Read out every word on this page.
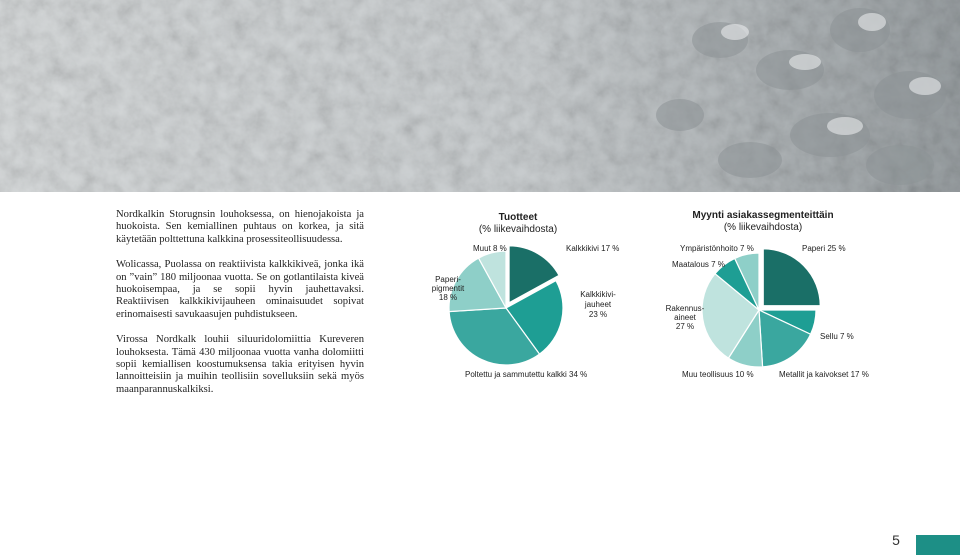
Nordkalkin Storugnsin louhoksessa, on hienojakoista ja huokoista. Sen kemiallinen puhtaus on korkea, ja sitä käytetään polttettuna kalkkina prosessiteollisuudessa.

Wolicassa, Puolassa on reaktiivista kalkkikiveä, jonka ikä on ”vain” 180 miljoonaa vuotta. Se on gotlantilaista kiveä huokoisempaa, ja se sopii hyvin jauhettavaksi. Reaktiivisen kalkkikivijauheen ominaisuudet sopivat erinomaisesti savukaasujen puhdistukseen.

Virossa Nordkalk louhii siluuridolomiittia Kureveren louhoksesta. Tämä 430 miljoonaa vuotta vanha dolomiitti sopii kemiallisen koostumuksensa takia erityisen hyvin lannoitteisiin ja muihin teollisiin sovelluksiin sekä myös maanparannuskalkiksi.

Tuotteet
(% liikevaihdosta)
Kalkkikivi 17 %
Kalkkikivi-
jauheet
23 %
Poltettu ja sammutettu kalkki 34 %
Paperi-
pigmentit
18 %
Muut 8 %
Myynti asiakassegmenteittäin
(% liikevaihdosta)
Paperi 25 %
Sellu 7 %
Metallit ja kaivokset 17 %
Muu teollisuus 10 %
Rakennus-
aineet
27 %
Maatalous 7 %
Ympäristönhoito 7 %
5
